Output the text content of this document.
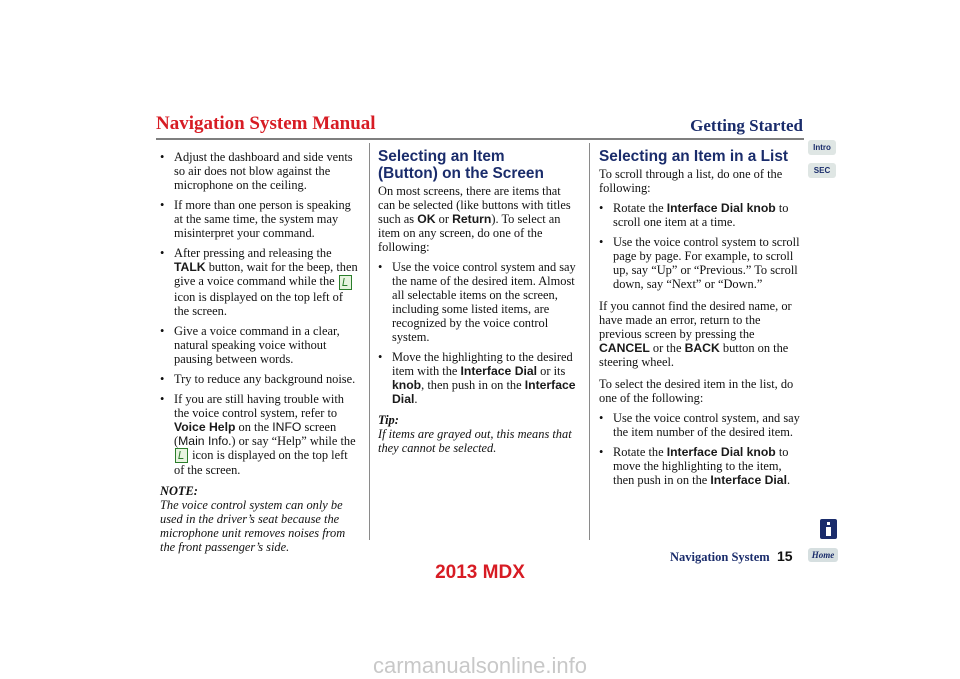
Navigation System Manual	Getting Started
Intro
SEC
• Adjust the dashboard and side vents so air does not blow against the microphone on the ceiling.
• If more than one person is speaking at the same time, the system may misinterpret your command.
• After pressing and releasing the TALK button, wait for the beep, then give a voice command while the  icon is displayed on the top left of the screen.
• Give a voice command in a clear, natural speaking voice without pausing between words.
• Try to reduce any background noise.
• If you are still having trouble with the voice control system, refer to Voice Help on the INFO screen (Main Info.) or say “Help” while the  icon is displayed on the top left of the screen.

NOTE:

The voice control system can only be used in the driver’s seat because the microphone unit removes noises from the front passenger’s side.

Selecting an Item
(Button) on the Screen

On most screens, there are items that can be selected (like buttons with titles such as OK or Return). To select an item on any screen, do one of the following:

• Use the voice control system and say the name of the desired item. Almost all selectable items on the screen, including some listed items, are recognized by the voice control system.
• Move the highlighting to the desired item with the Interface Dial or its knob, then push in on the Interface Dial.

Tip:

If items are grayed out, this means that they cannot be selected.

Selecting an Item in a List

To scroll through a list, do one of the following:

• Rotate the Interface Dial knob to scroll one item at a time.
• Use the voice control system to scroll page by page. For example, to scroll up, say “Up” or “Previous.” To scroll down, say “Next” or “Down.”

If you cannot find the desired name, or have made an error, return to the previous screen by pressing the CANCEL or the BACK button on the steering wheel.

To select the desired item in the list, do one of the following:

• Use the voice control system, and say the item number of the desired item.
• Rotate the Interface Dial knob to move the highlighting to the item, then push in on the Interface Dial.
Navigation System 15	Home
2013 MDX
carmanualsonline.info
